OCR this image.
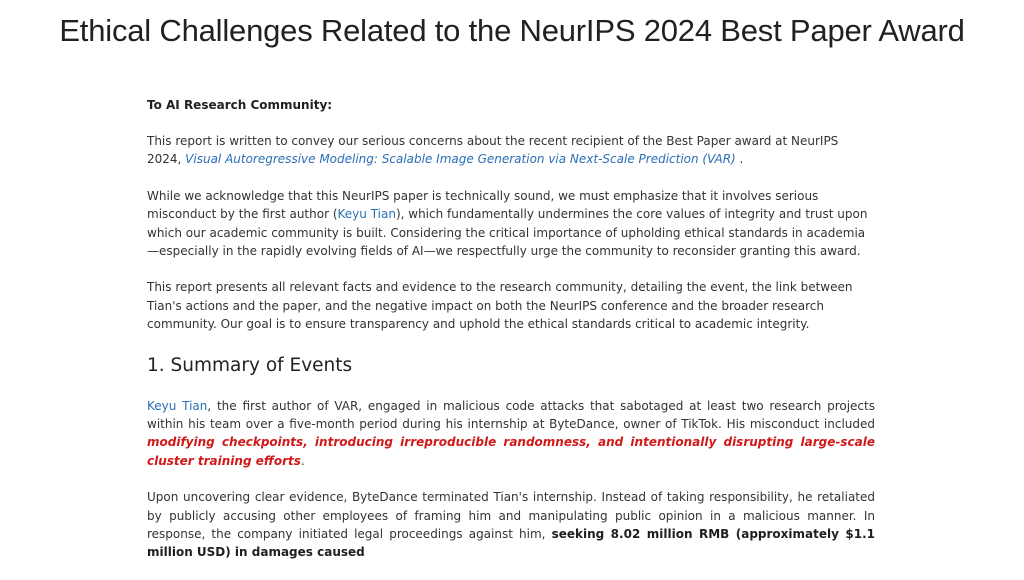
Ethical Challenges Related to the NeurIPS 2024 Best Paper Award

To AI Research Community:

This report is written to convey our serious concerns about the recent recipient of the Best Paper award at NeurIPS 2024, Visual Autoregressive Modeling: Scalable Image Generation via Next-Scale Prediction (VAR) .

While we acknowledge that this NeurIPS paper is technically sound, we must emphasize that it involves serious misconduct by the first author (Keyu Tian), which fundamentally undermines the core values of integrity and trust upon which our academic community is built. Considering the critical importance of upholding ethical standards in academia—especially in the rapidly evolving fields of AI—we respectfully urge the community to reconsider granting this award.

This report presents all relevant facts and evidence to the research community, detailing the event, the link between Tian's actions and the paper, and the negative impact on both the NeurIPS conference and the broader research community. Our goal is to ensure transparency and uphold the ethical standards critical to academic integrity.

1. Summary of Events

Keyu Tian, the first author of VAR, engaged in malicious code attacks that sabotaged at least two research projects within his team over a five-month period during his internship at ByteDance, owner of TikTok. His misconduct included modifying checkpoints, introducing irreproducible randomness, and intentionally disrupting large-scale cluster training efforts.

Upon uncovering clear evidence, ByteDance terminated Tian's internship. Instead of taking responsibility, he retaliated by publicly accusing other employees of framing him and manipulating public opinion in a malicious manner. In response, the company initiated legal proceedings against him, seeking 8.02 million RMB (approximately $1.1 million USD) in damages caused
